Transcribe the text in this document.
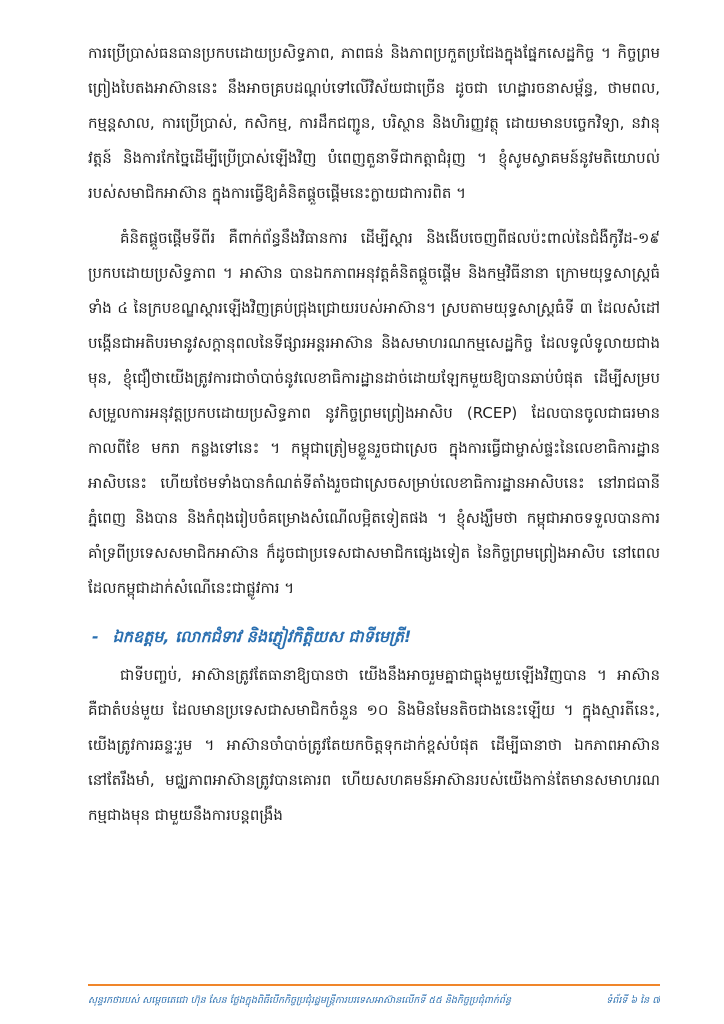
ការប្រើប្រាស់ធនធានប្រកបដោយប្រសិទ្ធភាព, ភាពធន់ និងភាពប្រកួតប្រជែងក្នុងផ្នែកសេដ្ឋកិច្ច ។ កិច្ចព្រមព្រៀងបៃតងអាស៊ាននេះ នឹងអាចគ្របដណ្ដប់ទៅលើវិស័យជាច្រើន ដូចជា ហេដ្ឋារចនាសម្ព័ន្ធ, ថាមពល, កម្មន្តសាល, ការប្រើប្រាស់, កសិកម្ម, ការដឹកជញ្ជូន, បរិស្ថាន និងហិរញ្ញវត្ថុ ដោយមានបច្ចេកវិទ្យា, នវានុវត្តន៍ និងការកែច្នៃដើម្បីប្រើប្រាស់ឡើងវិញ បំពេញតួនាទីជាកត្តាជំរុញ ។ ខ្ញុំសូមស្វាគមន៍នូវមតិយោបល់របស់សមាជិកអាស៊ាន ក្នុងការធ្វើឱ្យគំនិតផ្តួចផ្តើមនេះក្លាយជាការពិត ។

គំនិតផ្ដួចផ្ដើមទីពីរ គឺពាក់ព័ន្ធនឹងវិធានការ ដើម្បីស្ដារ និងងើបចេញពីផលប៉ះពាល់នៃជំងឺកូវីដ-១៩ ប្រកបដោយប្រសិទ្ធភាព ។ អាស៊ាន បានឯកភាពអនុវត្តគំនិតផ្ដួចផ្ដើម និងកម្មវិធីនានា ក្រោមយុទ្ធសាស្ត្រធំទាំង ៤ នៃក្របខណ្ឌស្ដារឡើងវិញគ្រប់ជ្រុងជ្រោយរបស់អាស៊ាន។ ស្របតាមយុទ្ធសាស្ត្រធំទី ៣ ដែលសំដៅបង្កើនជាអតិបរមានូវសក្ដានុពលនៃទីផ្សារអន្តរអាស៊ាន និងសមាហរណកម្មសេដ្ឋកិច្ច ដែលទូលំទូលាយជាងមុន, ខ្ញុំជឿថាយើងត្រូវការជាចាំបាច់នូវលេខាធិការដ្ឋានដាច់ដោយឡែកមួយឱ្យបានឆាប់បំផុត ដើម្បីសម្របសម្រួលការអនុវត្តប្រកបដោយប្រសិទ្ធភាព នូវកិច្ចព្រមព្រៀងអាសិប (RCEP) ដែលបានចូលជាធរមានកាលពីខែ មករា កន្លងទៅនេះ ។ កម្ពុជាត្រៀមខ្លួនរួចជាស្រេច ក្នុងការធ្វើជាម្ចាស់ផ្ទះនៃលេខាធិការដ្ឋានអាសិបនេះ ហើយថែមទាំងបានកំណត់ទីតាំងរួចជាស្រេចសម្រាប់លេខាធិការដ្ឋានអាសិបនេះ នៅរាជធានីភ្នំពេញ និងបាន និងកំពុងរៀបចំគម្រោងសំណើលម្អិតទៀតផង ។ ខ្ញុំសង្ឃឹមថា កម្ពុជាអាចទទួលបានការគាំទ្រពីប្រទេសសមាជិកអាស៊ាន ក៏ដូចជាប្រទេសជាសមាជិកផ្សេងទៀត នៃកិច្ចព្រមព្រៀងអាសិប នៅពេលដែលកម្ពុជាដាក់សំណើនេះជាផ្លូវការ ។

- ឯកឧត្តម, លោកជំទាវ និងភ្ញៀវកិត្តិយស ជាទីមេត្រី!

ជាទីបញ្ចប់, អាស៊ានត្រូវតែធានាឱ្យបានថា យើងនឹងអាចរួមគ្នាជាធ្លុងមួយឡើងវិញបាន ។ អាស៊ាន គឺជាតំបន់មួយ ដែលមានប្រទេសជាសមាជិកចំនួន ១០ និងមិនមែនតិចជាងនេះឡើយ ។ ក្នុងស្មារតីនេះ, យើងត្រូវការឆន្ទៈរួម ។ អាស៊ានចាំបាច់ត្រូវតែយកចិត្តទុកដាក់ខ្ពស់បំផុត ដើម្បីធានាថា ឯកភាពអាស៊ាន នៅតែរឹងមាំ, មជ្ឈភាពអាស៊ានត្រូវបានគោរព ហើយសហគមន៍អាស៊ានរបស់យើងកាន់តែមានសមាហរណកម្មជាងមុន ជាមួយនឹងការបន្តពង្រឹង

សុន្ទរកថារបស់ សម្ដេចតេជោ ហ៊ុន សែន ថ្លែងក្នុងពិធីបើកកិច្ចប្រជុំរដ្ឋមន្ត្រីការបរទេសអាស៊ានលើកទី ៥៥ និងកិច្ចប្រជុំពាក់ព័ន្ធ	ទំព័រទី ៦ នៃ ៧
